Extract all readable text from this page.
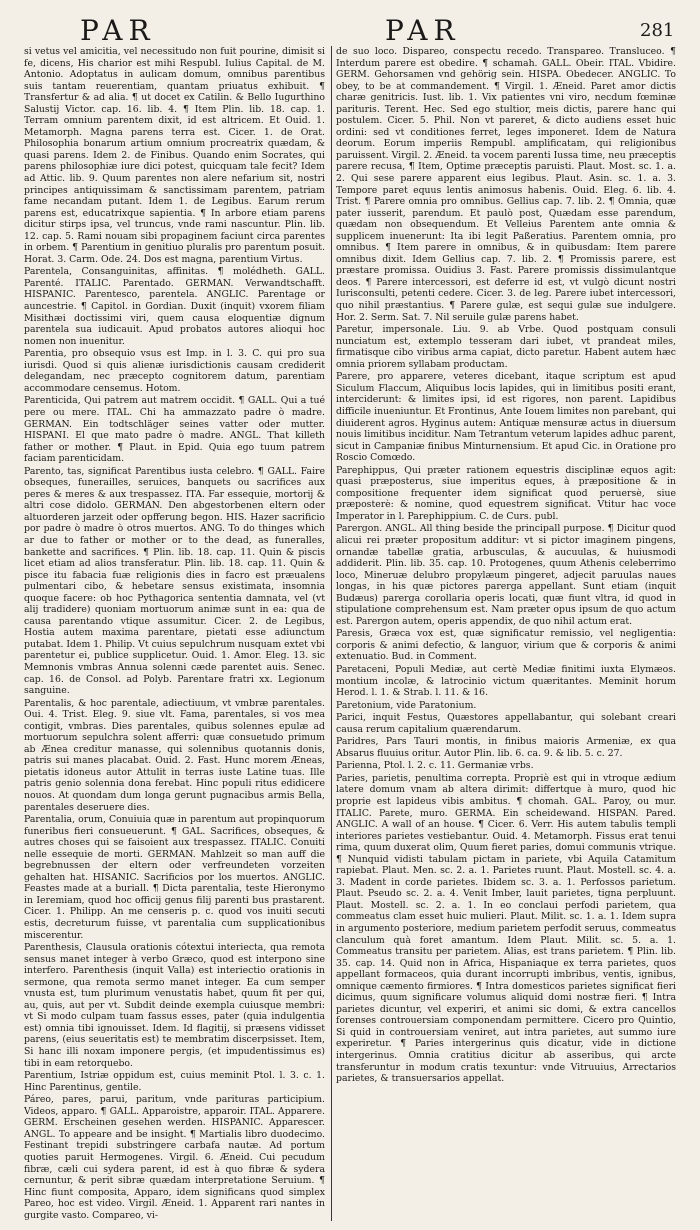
PAR	PAR	281

si vetus vel amicitia, vel necessitudo non fuit pourine, dimisit si fe, dicens, His charior est mihi Respubl. Iulius Capital. de M. Antonio. Adoptatus in aulicam domum, omnibus parentibus suis tantam reuerentiam, quantam priuatus exhibuit. ¶ Transfertur & ad alia. ¶ ut docet ex Catilin. & Bello Iugurthino Salustij Victor. cap. 16. lib. 4. ¶ Item Plin. lib. 18. cap. 1. Terram omnium parentem dixit, id est altricem. Et Ouid. 1. Metamorph. Magna parens terra est. Cicer. 1. de Orat. Philosophia bonarum artium omnium procreatrix quædam, & quasi parens. Idem 2. de Finibus. Quando enim Socrates, qui parens philosophiæ iure dici potest, quicquam tale fecit? Idem ad Attic. lib. 9. Quum parentes non alere nefarium sit, nostri principes antiquissimam & sanctissimam parentem, patriam fame necandam putant. Idem 1. de Legibus. Earum rerum parens est, educatrixque sapientia. ¶ In arbore etiam parens dicitur stirps ipsa, vel truncus, vnde rami nascuntur. Plin. lib. 12. cap. 5. Rami nouam sibi propaginem faciunt circa parentes in orbem. ¶ Parentium in genitiuo pluralis pro parentum posuit. Horat. 3. Carm. Ode. 24. Dos est magna, parentium Virtus.

Parentela, Consanguinitas, affinitas. ¶ molédheth. GALL. Parenté. ITALIC. Parentado. GERMAN. Verwandtschafft. HISPANIC. Parentesco, parentela. ANGLIC. Parentage or auncestrie. ¶ Capitol. in Gordian. Duxit (inquit) vxorem filiam Misithæi doctissimi viri, quem causa eloquentiæ dignum parentela sua iudicauit. Apud probatos autores alioqui hoc nomen non inuenitur.

Parentia, pro obsequio vsus est Imp. in l. 3. C. qui pro sua iurisdi. Quod si quis alienæ iurisdictionis causam crediderit delegandam, nec præcepto cognitorem datum, parentiam accommodare censemus. Hotom.

Parenticida, Qui patrem aut matrem occidit. ¶ GALL. Qui a tué pere ou mere. ITAL. Chi ha ammazzato padre ò madre. GERMAN. Ein todtschläger seines vatter oder mutter. HISPANI. El que mato padre ò madre. ANGL. That killeth father or mother. ¶ Plaut. in Epid. Quia ego tuum patrem faciam parenticidam.

Parento, tas, significat Parentibus iusta celebro. ¶ GALL. Faire obseques, funerailles, seruices, banquets ou sacrifices aux peres & meres & aux trespassez. ITA. Far essequie, mortorij & altri cose didolo. GERMAN. Den abgestorbenen eltern oder altuorderen jarzeit oder opfferung begon. HIS. Hazer sacrificio por padre ò madre ò otros muertos. ANG. To do thinges which ar due to father or mother or to the dead, as funeralles, bankette and sacrifices. ¶ Plin. lib. 18. cap. 11. Quin & piscis licet etiam ad alios transferatur. Plin. lib. 18. cap. 11. Quin & pisce itu fabacia fuæ religionis dies in facro est præualens pulmentari cibo, & hebetare sensus existimata, insomnia quoque facere: ob hoc Pythagorica sententia damnata, vel (vt alij tradidere) quoniam mortuorum animæ sunt in ea: qua de causa parentando vtique assumitur. Cicer. 2. de Legibus, Hostia autem maxima parentare, pietati esse adiunctum putabat. Idem 1. Philip. Vt cuius sepulchrum nusquam extet vbi parentetur ei, publice supplicetur. Ouid. 1. Amor. Eleg. 13. sic Memnonis vmbras Annua solenni cæde parentet auis. Senec. cap. 16. de Consol. ad Polyb. Parentare fratri xx. Legionum sanguine.

Parentalis, & hoc parentale, adiectiuum, vt vmbræ parentales. Oui. 4. Trist. Eleg. 9. siue vlt. Fama, parentales, si vos mea contigit, vmbras. Dies parentales, quibus solennes epulæ ad mortuorum sepulchra solent afferri: quæ consuetudo primum ab Ænea creditur manasse, qui solennibus quotannis donis, patris sui manes placabat. Ouid. 2. Fast. Hunc morem Æneas, pietatis idoneus autor Attulit in terras iuste Latine tuas. Ille patris genio solennia dona ferebat. Hinc populi ritus edidicere nouos. At quondam dum longa gerunt pugnacibus armis Bella, parentales deseruere dies.

Parentalia, orum, Conuiuia quæ in parentum aut propinquorum funeribus fieri consueuerunt. ¶ GAL. Sacrifices, obseques, & autres choses qui se faisoient aux trespassez. ITALIC. Conuiti nelle essequie de morti. GERMAN. Mahlzeit so man auff die begrebnussen der eltern oder verfreundeten vorzeiten gehalten hat. HISANIC. Sacrificios por los muertos. ANGLIC. Feastes made at a buriall. ¶ Dicta parentalia, teste Hieronymo in Ieremiam, quod hoc officij genus filij parenti bus prastarent. Cicer. 1. Philipp. An me censeris p. c. quod vos inuiti secuti estis, decreturum fuisse, vt parentalia cum supplicationibus miscerentur.

Parenthesis, Clausula orationis cótextui interiecta, qua remota sensus manet integer à verbo Græco, quod est interpono sine interfero. Parenthesis (inquit Valla) est interiectio orationis in sermone, qua remota sermo manet integer. Ea cum semper vnusta est, tum plurimum venustatis habet, quum fit per qui, au, quis, aut per vt. Subdit deinde exempla cuiusque membri: vt Si modo culpam tuam fassus esses, pater (quia indulgentia est) omnia tibi ignouisset. Idem. Id flagitij, si præsens vidisset parens, (eius seueritatis est) te membratim discerpsisset. Item, Si hanc illi noxam imponere pergis, (et impudentissimus es) tibi in eam retorquebo.

Parentium, Istriæ oppidum est, cuius meminit Ptol. l. 3. c. 1. Hinc Parentinus, gentile.

Páreo, pares, parui, paritum, vnde parituras participium. Videos, apparo. ¶ GALL. Apparoistre, apparoir. ITAL. Apparere. GERM. Erscheinen gesehen werden. HISPANIC. Apparescer. ANGL. To appeare and be insight. ¶ Martialis libro duodecimo. Festinant trepidi substringere carbafa nautæ. Ad portum quoties paruit Hermogenes. Virgil. 6. Æneid. Cui pecudum fibræ, cæli cui sydera parent, id est à quo fibræ & sydera cernuntur, & perit sibræ quædam interpretatione Seruium. ¶ Hinc fiunt composita, Apparo, idem significans quod simplex Pareo, hoc est video. Virgil. Æneid. 1. Apparent rari nantes in gurgite vasto. Compareo, vi-

de suo loco. Dispareo, conspectu recedo. Transpareo. Transluceo. ¶ Interdum parere est obedire. ¶ schamah. GALL. Obeir. ITAL. Vbidire. GERM. Gehorsamen vnd gehörig sein. HISPA. Obedecer. ANGLIC. To obey, to be at commandement. ¶ Virgil. 1. Æneid. Paret amor dictis charæ genitricis. Iust. lib. 1. Vix patientes vni viro, necdum fœminæ parituris. Terent. Hec. Sed ego stultior, meis dictis, parere hanc qui postulem. Cicer. 5. Phil. Non vt pareret, & dicto audiens esset huic ordini: sed vt conditiones ferret, leges imponeret. Idem de Natura deorum. Eorum imperiis Rempubl. amplificatam, qui religionibus paruissent. Virgil. 2. Æneid. ta vocem parenti Iussa time, neu præceptis parere recusa, ¶ Item, Optime præceptis paruisti. Plaut. Most. sc. 1. a. 2. Qui sese parere apparent eius legibus. Plaut. Asin. sc. 1. a. 3. Tempore paret equus lentis animosus habenis. Ouid. Eleg. 6. lib. 4. Trist. ¶ Parere omnia pro omnibus. Gellius cap. 7. lib. 2. ¶ Omnia, quæ pater iusserit, parendum. Et paulò post, Quædam esse parendum, quædam non obsequendum. Et Velleius Parentem ante omnia & supplicem inuenerunt: Ita ibi legit Paßeratius. Parentem omnia, pro omnibus. ¶ Item parere in omnibus, & in quibusdam: Item parere omnibus dixit. Idem Gellius cap. 7. lib. 2. ¶ Promissis parere, est præstare promissa. Ouidius 3. Fast. Parere promissis dissimulantque deos. ¶ Parere intercessori, est deferre id est, vt vulgò dicunt nostri Iurisconsulti, petenti cedere. Cicer. 3. de leg. Parere iubet intercessori, quo nihil præstantius. ¶ Parere gulæ, est sequi gulæ sue indulgere. Hor. 2. Serm. Sat. 7. Nil seruile gulæ parens habet.

Paretur, impersonale. Liu. 9. ab Vrbe. Quod postquam consuli nunciatum est, extemplo tesseram dari iubet, vt prandeat miles, firmatisque cibo viribus arma capiat, dicto paretur. Habent autem hæc omnia priorem syllabam productam.

Parere, pro apparere, veteres dicebant, itaque scriptum est apud Siculum Flaccum, Aliquibus locis lapides, qui in limitibus positi erant, interciderunt: & limites ipsi, id est rigores, non parent. Lapidibus difficile inueniuntur. Et Frontinus, Ante Iouem limites non parebant, qui diuiderent agros. Hyginus autem: Antiquæ mensuræ actus in diuersum nouis limitibus inciditur. Nam Tetrantum veterum lapides adhuc parent, sicut in Campaniæ finibus Minturnensium. Et apud Cic. in Oratione pro Roscio Comœdo.

Parephippus, Qui præter rationem equestris disciplinæ equos agit: quasi præposterus, siue imperitus eques, à præpositione & in compositione frequenter idem significat quod peruersè, siue præposterè: & nomine, quod equestrem significat. Vtitur hac voce Imperator in l. Parephippium. C. de Curs. publ.

Parergon. ANGL. All thing beside the principall purpose. ¶ Dicitur quod alicui rei præter propositum additur: vt si pictor imaginem pingens, ornandæ tabellæ gratia, arbusculas, & aucuulas, & huiusmodi addiderit. Plin. lib. 35. cap. 10. Protogenes, quum Athenis celeberrimo loco, Mineruæ delubro propylæum pingeret, adjecit paruulas naues longas, in his quæ pictores parerga appellant. Sunt etiam (inquit Budæus) parerga corollaria operis locati, quæ fiunt vltra, id quod in stipulatione comprehensum est. Nam præter opus ipsum de quo actum est. Parergon autem, operis appendix, de quo nihil actum erat.

Paresis, Græca vox est, quæ significatur remissio, vel negligentia: corporis & animi defectio, & languor, virium que & corporis & animi extenuatio. Bud. in Comment.

Paretaceni, Populi Mediæ, aut certè Mediæ finitimi iuxta Elymæos. montium incolæ, & latrocinio victum quæritantes. Meminit horum Herod. l. 1. & Strab. l. 11. & 16.

Paretonium, vide Paratonium.

Parici, inquit Festus, Quæstores appellabantur, qui solebant creari causa rerum capitalium quærendarum.

Paridres, Pars Tauri montis, in finibus maioris Armeniæ, ex qua Absarus fluuius oritur. Autor Plin. lib. 6. ca. 9. & lib. 5. c. 27.

Parienna, Ptol. l. 2. c. 11. Germaniæ vrbs.

Paries, parietis, penultima correpta. Propriè est qui in vtroque ædium latere domum vnam ab altera dirimit: differtque à muro, quod hic proprie est lapideus vibis ambitus. ¶ chomah. GAL. Paroy, ou mur. ITALIC. Parete, muro. GERMA. Ein scheidewand. HISPAN. Pared. ANGLIC. A wall of an house. ¶ Cicer. 6. Verr. His autem tabulis templi interiores parietes vestiebantur. Ouid. 4. Metamorph. Fissus erat tenui rima, quum duxerat olim, Quum fieret paries, domui communis vtrique. ¶ Nunquid vidisti tabulam pictam in pariete, vbi Aquila Catamitum rapiebat. Plaut. Men. sc. 2. a. 1. Parietes ruunt. Plaut. Mostell. sc. 4. a. 3. Madent in corde parietes. Ibidem sc. 3. a. 1. Perfossos parietum. Plaut. Pseudo sc. 2. a. 4. Venit Imber, lauit parietes, tigna perpluunt. Plaut. Mostell. sc. 2. a. 1. In eo conclaui perfodi parietem, qua commeatus clam esset huic mulieri. Plaut. Milit. sc. 1. a. 1. Idem supra in argumento posteriore, medium parietem perfodit seruus, commeatus clanculum quà foret amantum. Idem Plaut. Milit. sc. 5. a. 1. Commeatus transitu per parietem. Alias, est trans parietem. ¶ Plin. lib. 35. cap. 14. Quid non in Africa, Hispaniaque ex terra parietes, quos appellant formaceos, quia durant incorrupti imbribus, ventis, ignibus, omnique cæmento firmiores. ¶ Intra domesticos parietes significat fieri dicimus, quum significare volumus aliquid domi nostræ fieri. ¶ Intra parietes dicuntur, vel experiri, et animi sic domi, & extra cancellos forenses controuersiam componendam permittere. Cicero pro Quintio, Si quid in controuersiam veniret, aut intra parietes, aut summo iure experiretur. ¶ Paries intergerinus quis dicatur, vide in dictione intergerinus. Omnia cratitius dicitur ab asseribus, qui arcte transferuntur in modum cratis texuntur: vnde Vitruuius, Arrectarios parietes, & transuersarios appellat.
